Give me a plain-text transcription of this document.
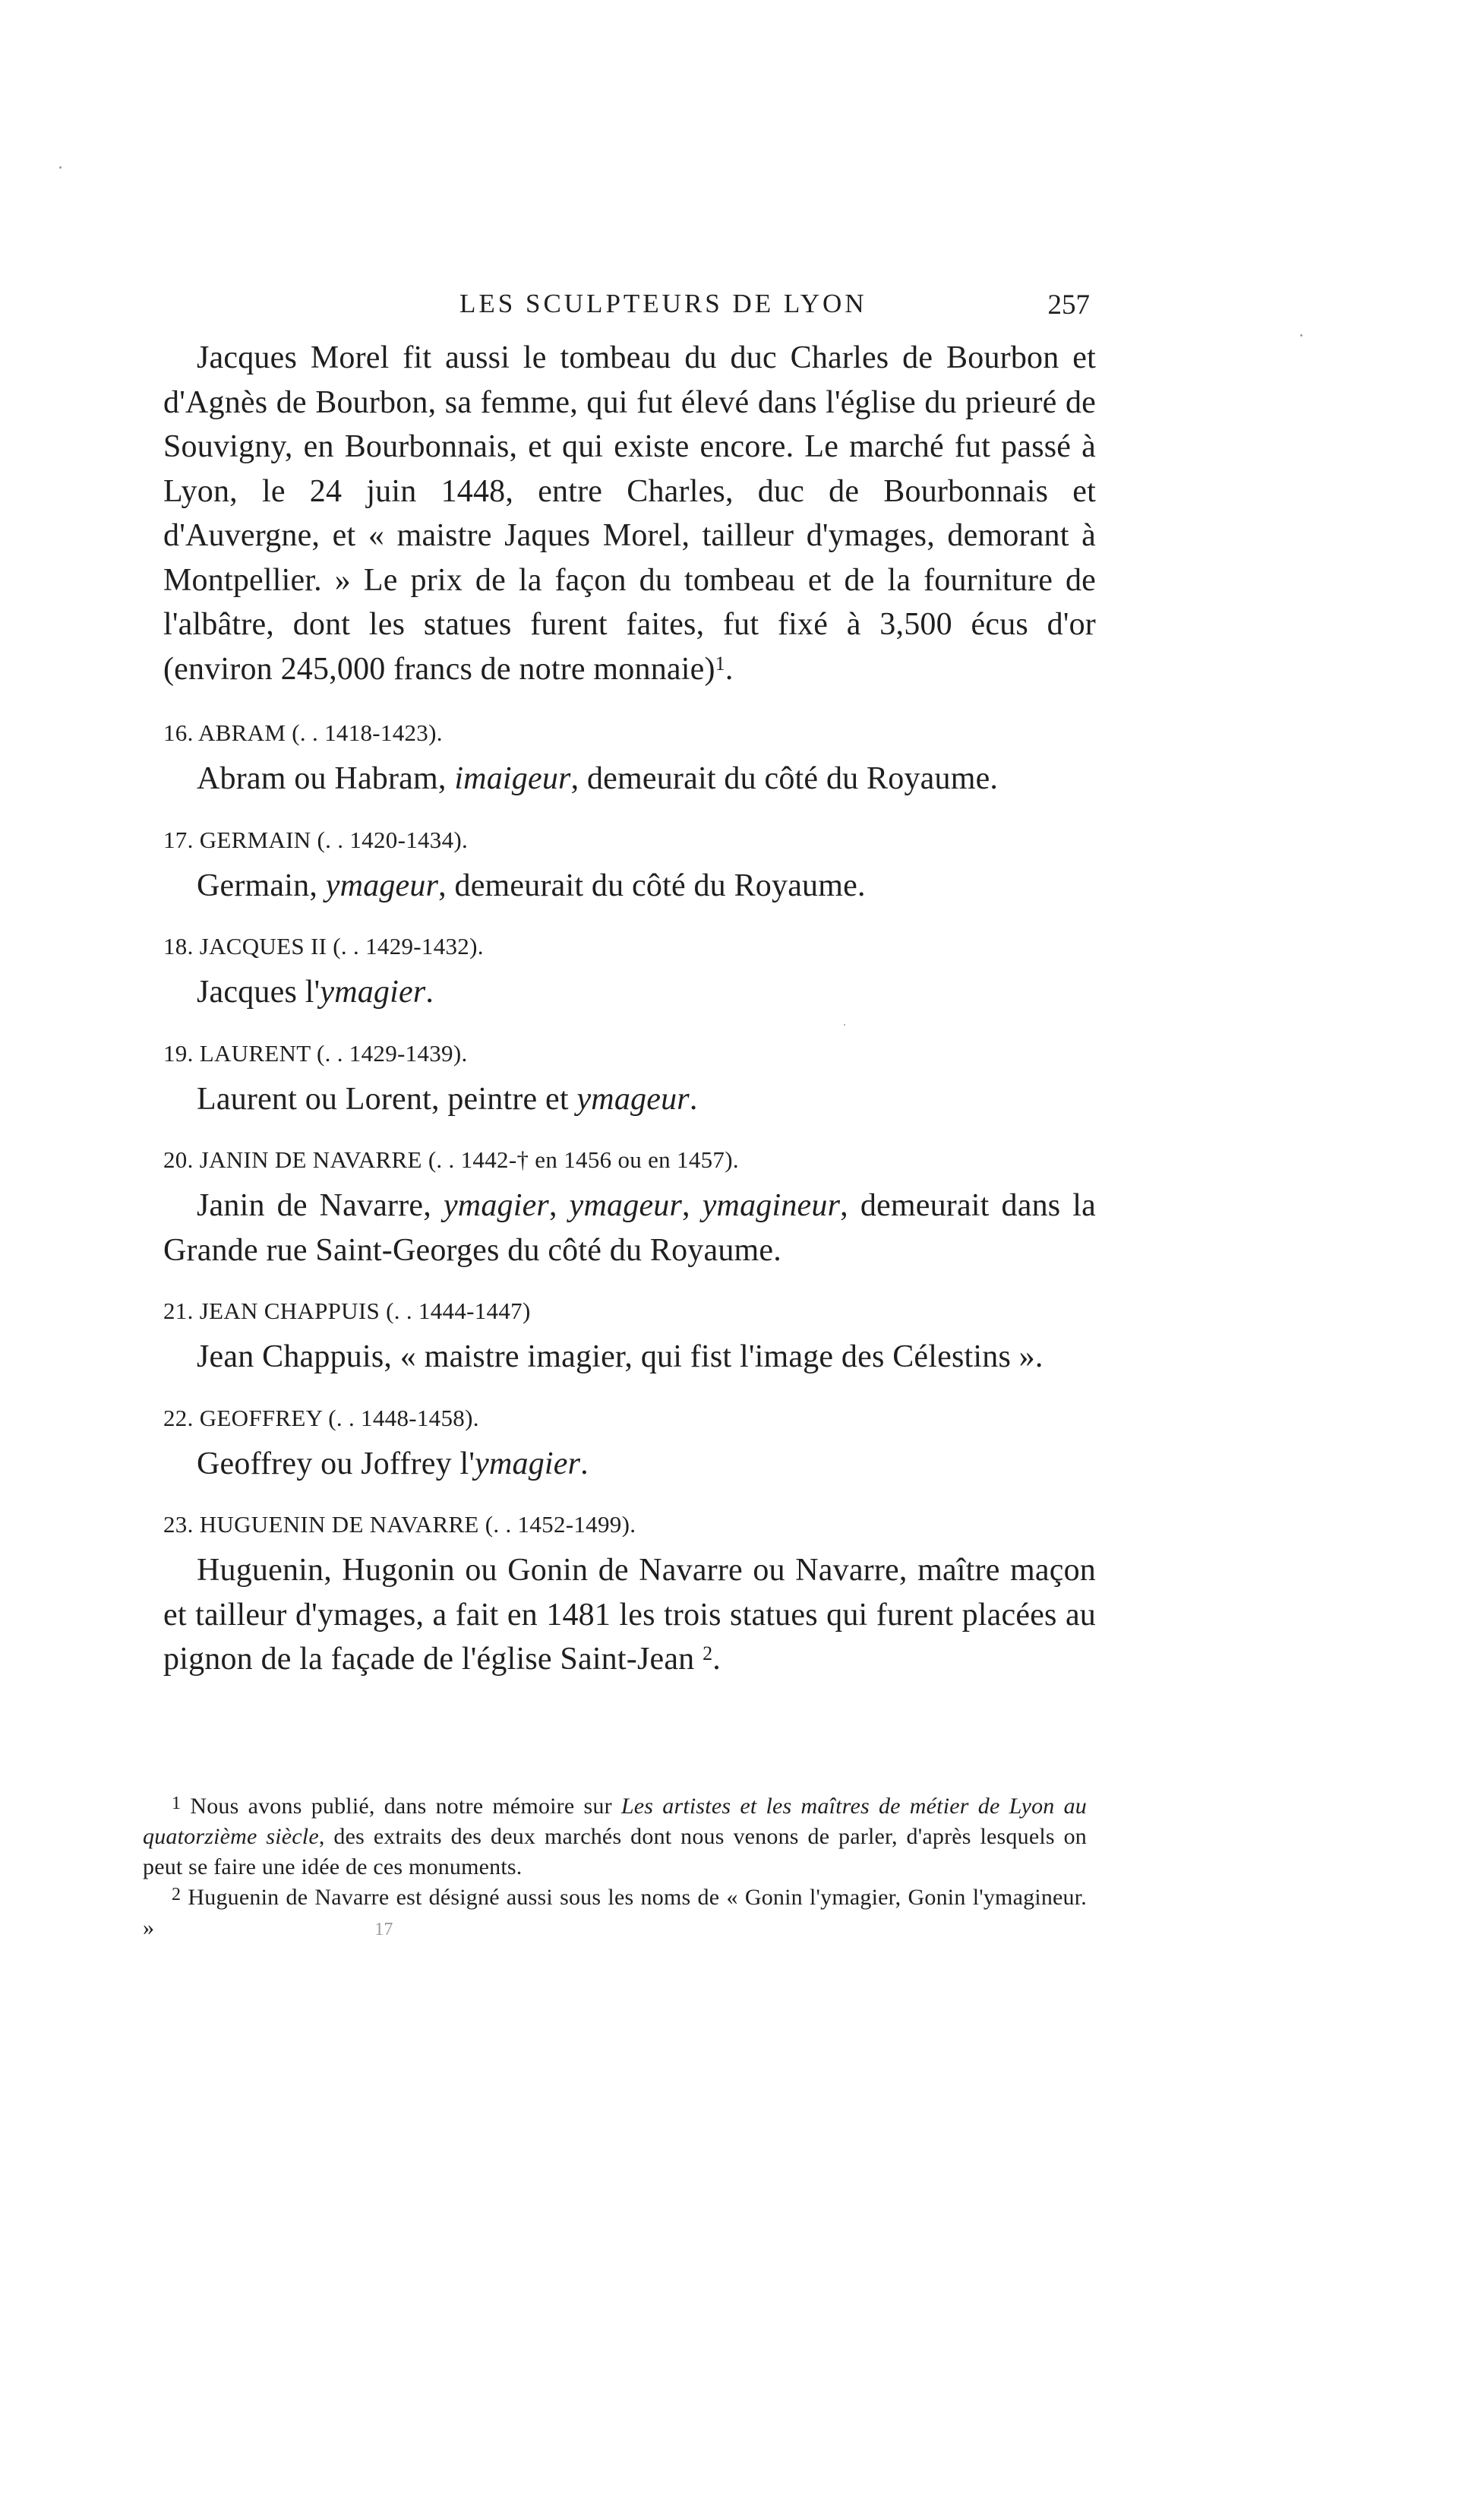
LES SCULPTEURS DE LYON	257

Jacques Morel fit aussi le tombeau du duc Charles de Bourbon et d'Agnès de Bourbon, sa femme, qui fut élevé dans l'église du prieuré de Souvigny, en Bourbonnais, et qui existe encore. Le marché fut passé à Lyon, le 24 juin 1448, entre Charles, duc de Bourbonnais et d'Auvergne, et « maistre Jaques Morel, tailleur d'ymages, demorant à Montpellier. » Le prix de la façon du tombeau et de la fourniture de l'albâtre, dont les statues furent faites, fut fixé à 3,500 écus d'or (environ 245,000 francs de notre monnaie)$^1$.

16. ABRAM (. . 1418-1423).

Abram ou Habram, imaigeur, demeurait du côté du Royaume.

17. GERMAIN (. . 1420-1434).

Germain, ymageur, demeurait du côté du Royaume.

18. JACQUES II (. . 1429-1432).

Jacques l'ymagier.

19. LAURENT (. . 1429-1439).

Laurent ou Lorent, peintre et ymageur.

20. JANIN DE NAVARRE (. . 1442-† en 1456 ou en 1457).

Janin de Navarre, ymagier, ymageur, ymagineur, demeurait dans la Grande rue Saint-Georges du côté du Royaume.

21. JEAN CHAPPUIS (. . 1444-1447)

Jean Chappuis, « maistre imagier, qui fist l'image des Célestins ».

22. GEOFFREY (. . 1448-1458).

Geoffrey ou Joffrey l'ymagier.

23. HUGUENIN DE NAVARRE (. . 1452-1499).

Huguenin, Hugonin ou Gonin de Navarre ou Navarre, maître maçon et tailleur d'ymages, a fait en 1481 les trois statues qui furent placées au pignon de la façade de l'église Saint-Jean $^2$.

$^1$ Nous avons publié, dans notre mémoire sur Les artistes et les maîtres de métier de Lyon au quatorzième siècle, des extraits des deux marchés dont nous venons de parler, d'après lesquels on peut se faire une idée de ces monuments.

$^2$ Huguenin de Navarre est désigné aussi sous les noms de « Gonin l'ymagier, Gonin l'ymagineur. »	17
